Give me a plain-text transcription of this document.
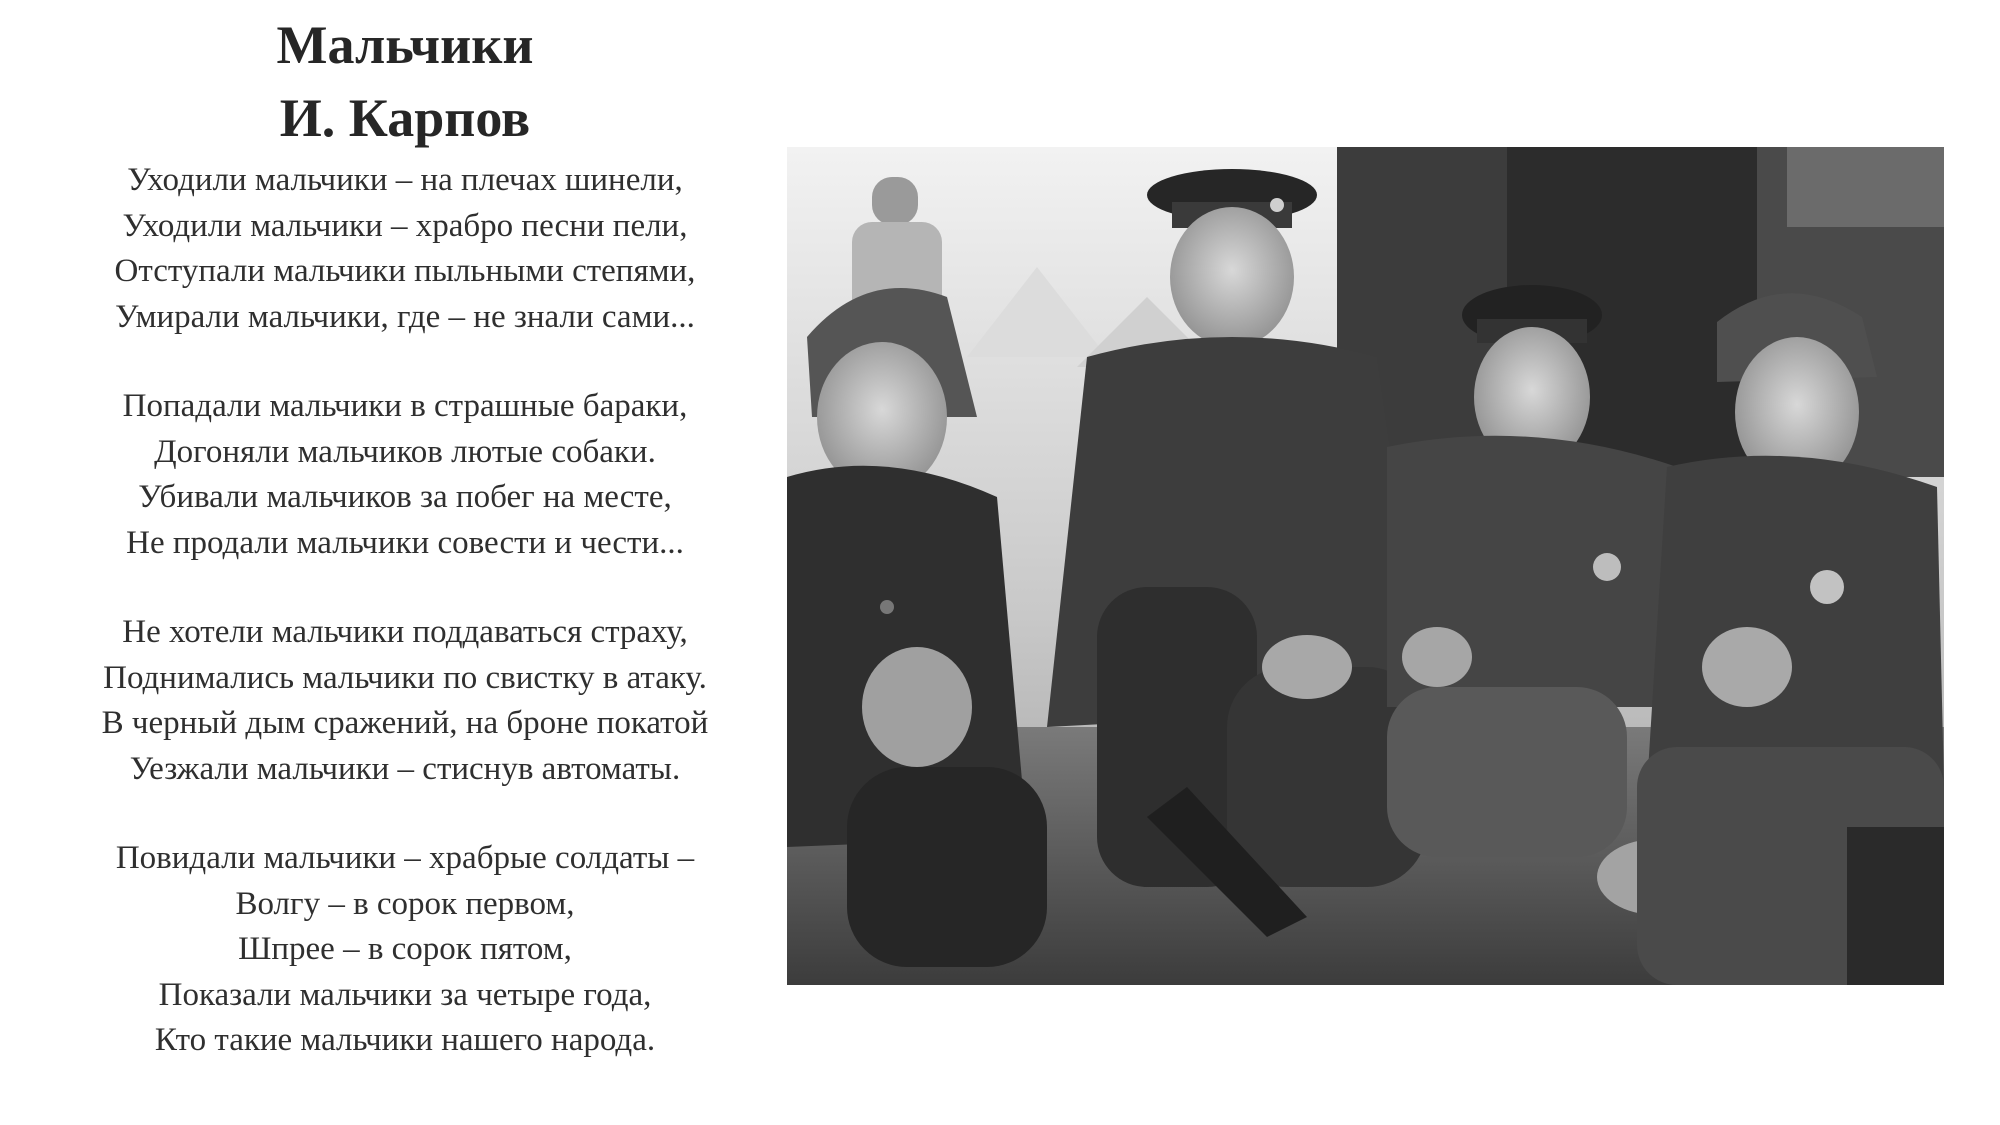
Мальчики
И. Карпов
Уходили мальчики – на плечах шинели,
Уходили мальчики – храбро песни пели,
Отступали мальчики пыльными степями,
Умирали мальчики, где – не знали сами...
Попадали мальчики в страшные бараки,
Догоняли мальчиков лютые собаки.
Убивали мальчиков за побег на месте,
Не продали мальчики совести и чести...
Не хотели мальчики поддаваться страху,
Поднимались мальчики по свистку в атаку.
В черный дым сражений, на броне покатой
Уезжали мальчики – стиснув автоматы.
Повидали мальчики – храбрые солдаты –
Волгу – в сорок первом,
Шпрее – в сорок пятом,
Показали мальчики за четыре года,
Кто такие мальчики нашего народа.
